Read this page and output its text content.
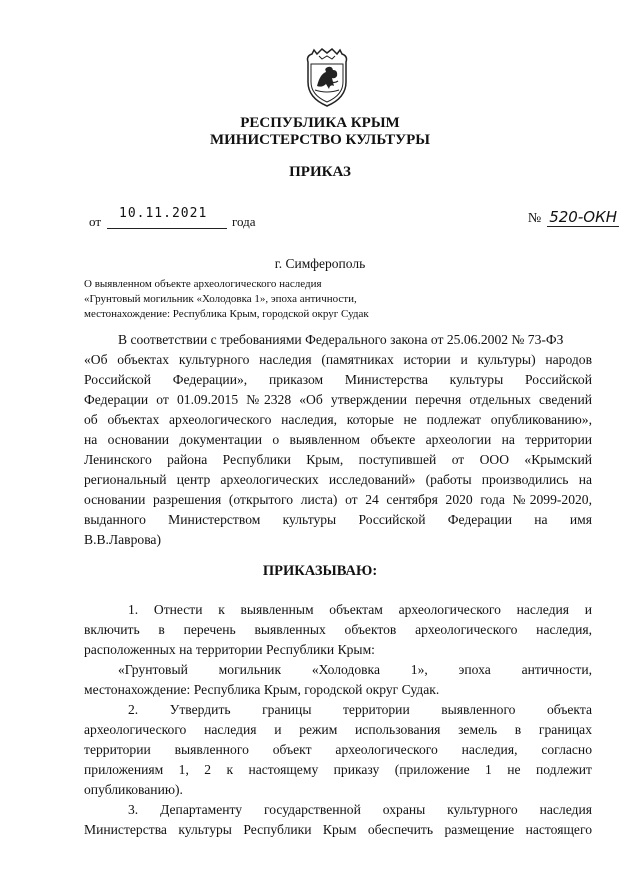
РЕСПУБЛИКА КРЫМ
МИНИСТЕРСТВО КУЛЬТУРЫ
ПРИКАЗ
от
10.11.2021
года	№ 520-ОКН
г. Симферополь
О выявленном объекте археологического наследия
«Грунтовый могильник «Холодовка 1», эпоха античности,
местонахождение: Республика Крым, городской округ Судак
В соответствии с требованиями Федерального закона от 25.06.2002 № 73-ФЗ
«Об объектах культурного наследия (памятниках истории и культуры) народов
Российской Федерации», приказом Министерства культуры Российской
Федерации от 01.09.2015 №2328 «Об утверждении перечня отдельных сведений
об объектах археологического наследия, которые не подлежат опубликованию»,
на основании документации о выявленном объекте археологии на территории
Ленинского района Республики Крым, поступившей от ООО «Крымский
региональный центр археологических исследований» (работы производились на
основании разрешения (открытого листа) от 24 сентября 2020 года №2099-2020,
выданного Министерством культуры Российской Федерации на имя
В.В.Лаврова)
ПРИКАЗЫВАЮ:
1. Отнести к выявленным объектам археологического наследия и
включить в перечень выявленных объектов археологического наследия,
расположенных на территории Республики Крым:
«Грунтовый могильник «Холодовка 1», эпоха античности,
местонахождение: Республика Крым, городской округ Судак.
2. Утвердить границы территории выявленного объекта
археологического наследия и режим использования земель в границах
территории выявленного объект археологического наследия, согласно
приложениям 1, 2 к настоящему приказу (приложение 1 не подлежит
опубликованию).
3. Департаменту государственной охраны культурного наследия
Министерства культуры Республики Крым обеспечить размещение настоящего
